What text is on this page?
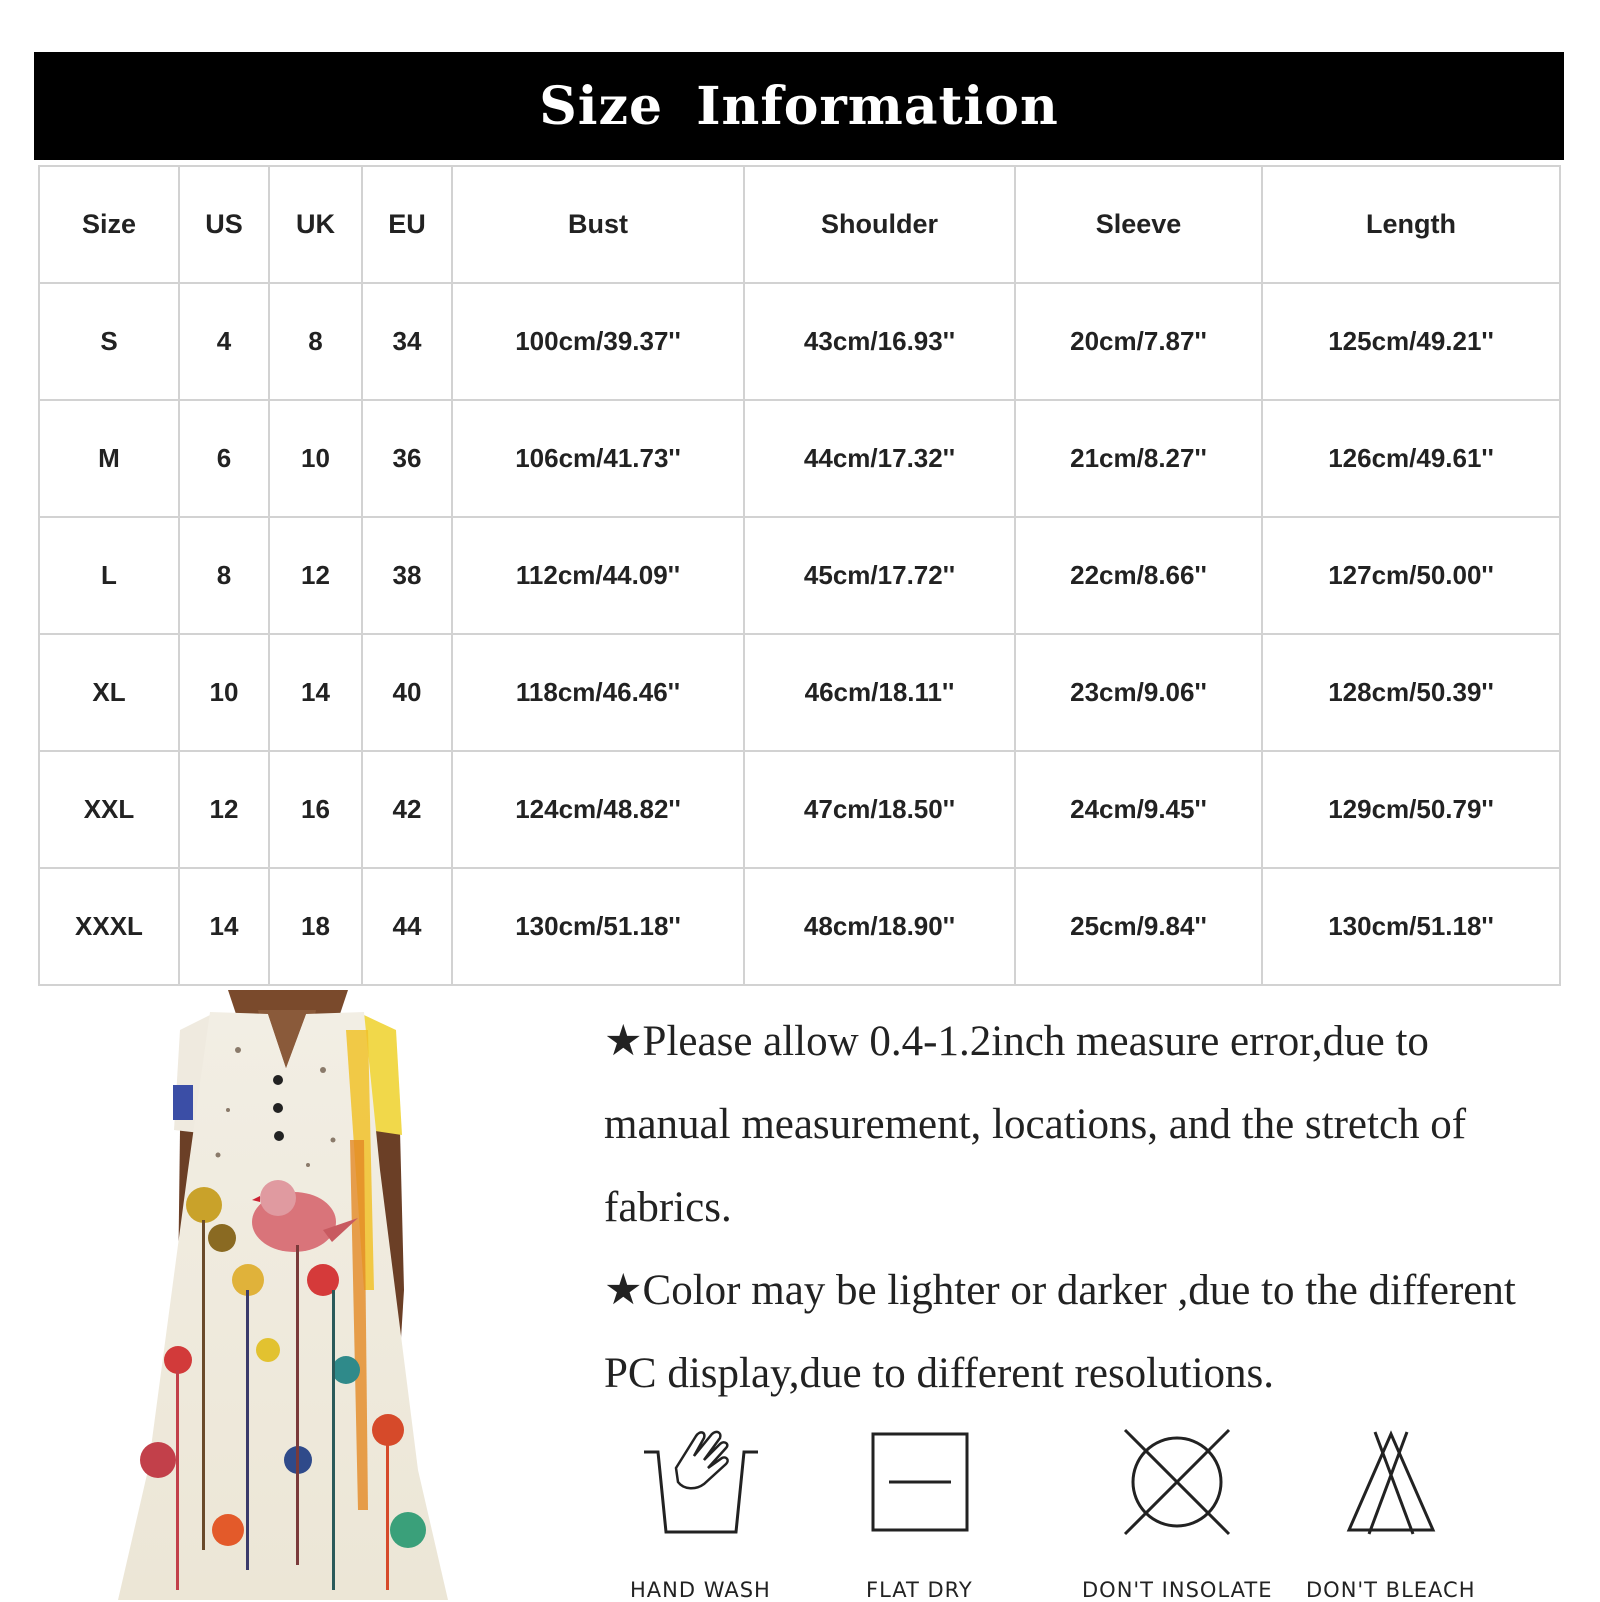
Size Information
Size	US	UK	EU	Bust	Shoulder	Sleeve	Length
S	4	8	34	100cm/39.37''	43cm/16.93''	20cm/7.87''	125cm/49.21''
M	6	10	36	106cm/41.73''	44cm/17.32''	21cm/8.27''	126cm/49.61''
L	8	12	38	112cm/44.09''	45cm/17.72''	22cm/8.66''	127cm/50.00''
XL	10	14	40	118cm/46.46''	46cm/18.11''	23cm/9.06''	128cm/50.39''
XXL	12	16	42	124cm/48.82''	47cm/18.50''	24cm/9.45''	129cm/50.79''
XXXL	14	18	44	130cm/51.18''	48cm/18.90''	25cm/9.84''	130cm/51.18''

★Please allow 0.4-1.2inch measure error,due to manual measurement, locations, and the stretch of fabrics.

★Color may be lighter or darker ,due to the different PC display,due to different resolutions.

HAND WASH	FLAT DRY	DON'T INSOLATE DON'T BLEACH
